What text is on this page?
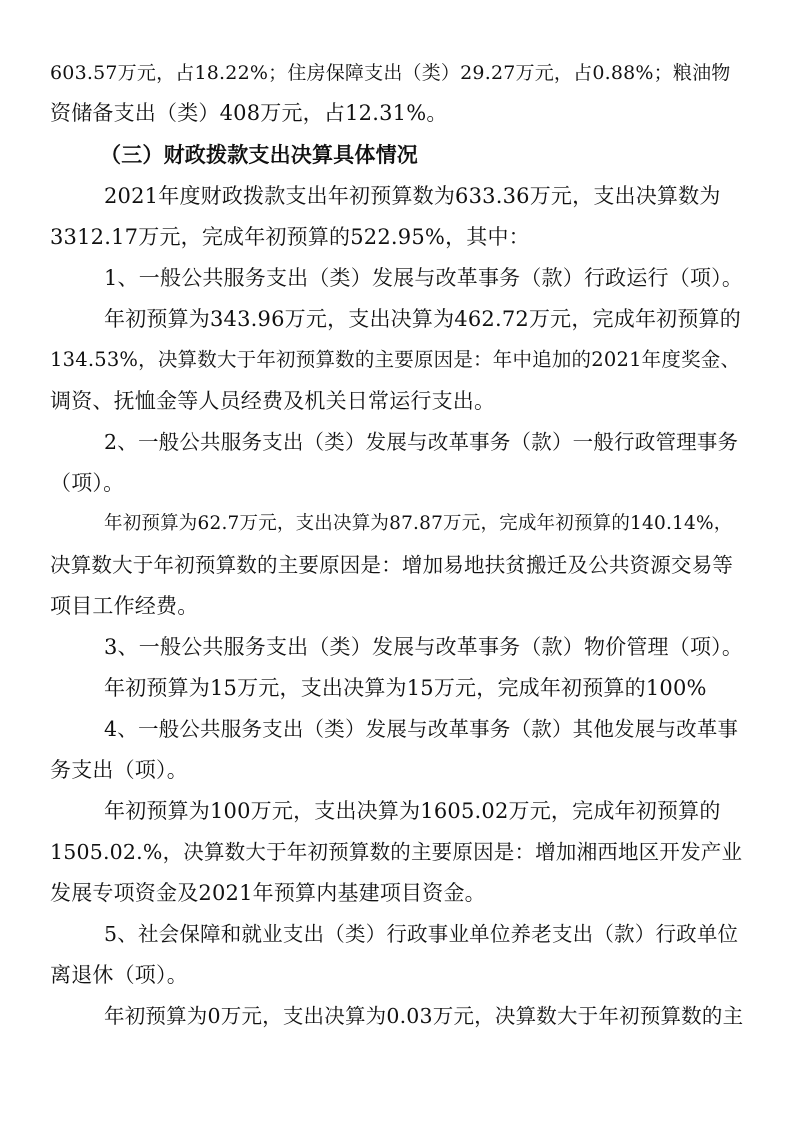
603.57万元，占18.22%；住房保障支出（类）29.27万元，占0.88%；粮油物
资储备支出（类）408万元，占12.31%。
（三）财政拨款支出决算具体情况
2021年度财政拨款支出年初预算数为633.36万元，支出决算数为
3312.17万元，完成年初预算的522.95%，其中：
1、一般公共服务支出（类）发展与改革事务（款）行政运行（项）。
年初预算为343.96万元，支出决算为462.72万元，完成年初预算的
134.53%，决算数大于年初预算数的主要原因是：年中追加的2021年度奖金、
调资、抚恤金等人员经费及机关日常运行支出。
2、一般公共服务支出（类）发展与改革事务（款）一般行政管理事务
（项）。
年初预算为62.7万元，支出决算为87.87万元，完成年初预算的140.14%，
决算数大于年初预算数的主要原因是：增加易地扶贫搬迁及公共资源交易等
项目工作经费。
3、一般公共服务支出（类）发展与改革事务（款）物价管理（项）。
年初预算为15万元，支出决算为15万元，完成年初预算的100%
4、一般公共服务支出（类）发展与改革事务（款）其他发展与改革事
务支出（项）。
年初预算为100万元，支出决算为1605.02万元，完成年初预算的
1505.02.%，决算数大于年初预算数的主要原因是：增加湘西地区开发产业
发展专项资金及2021年预算内基建项目资金。
5、社会保障和就业支出（类）行政事业单位养老支出（款）行政单位
离退休（项）。
年初预算为0万元，支出决算为0.03万元，决算数大于年初预算数的主
